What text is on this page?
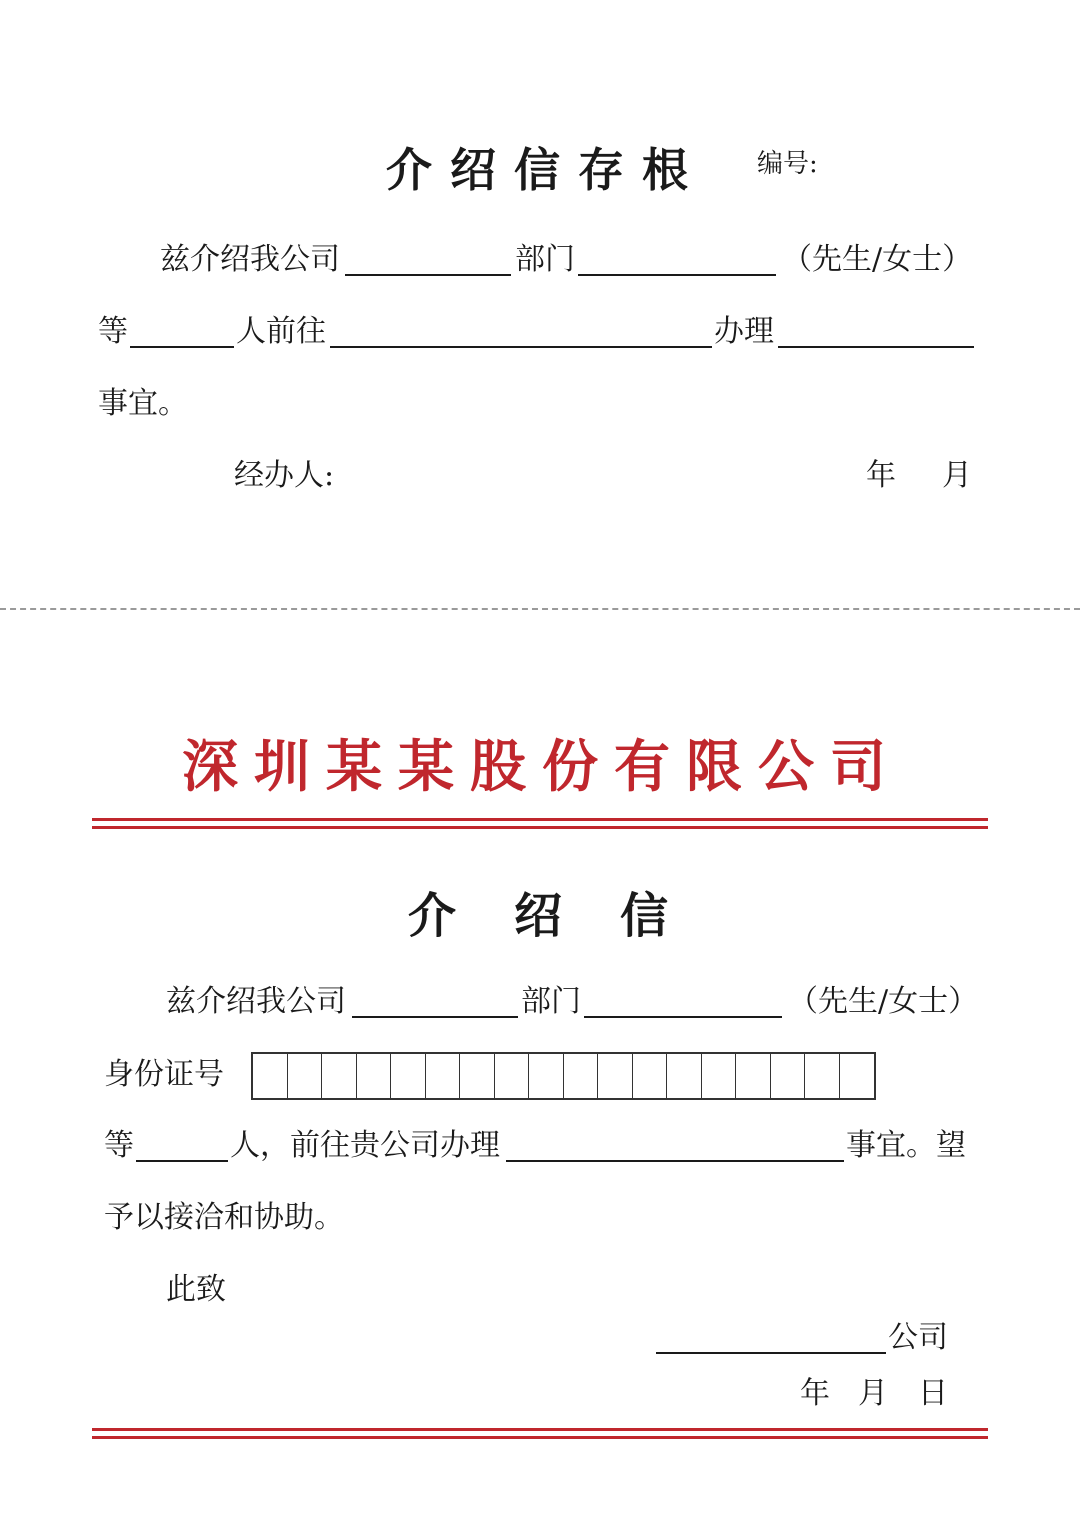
介绍信存根 编号:
兹介绍我公司	部门	（先生/女士）
等	人前往	办理
事宜。
经办人:	年 月
深圳某某股份有限公司
介绍信
兹介绍我公司	部门	（先生/女士）
身份证号
等	人，前往贵公司办理	事宜。望
予以接洽和协助。
此致
公司
年 月 日
